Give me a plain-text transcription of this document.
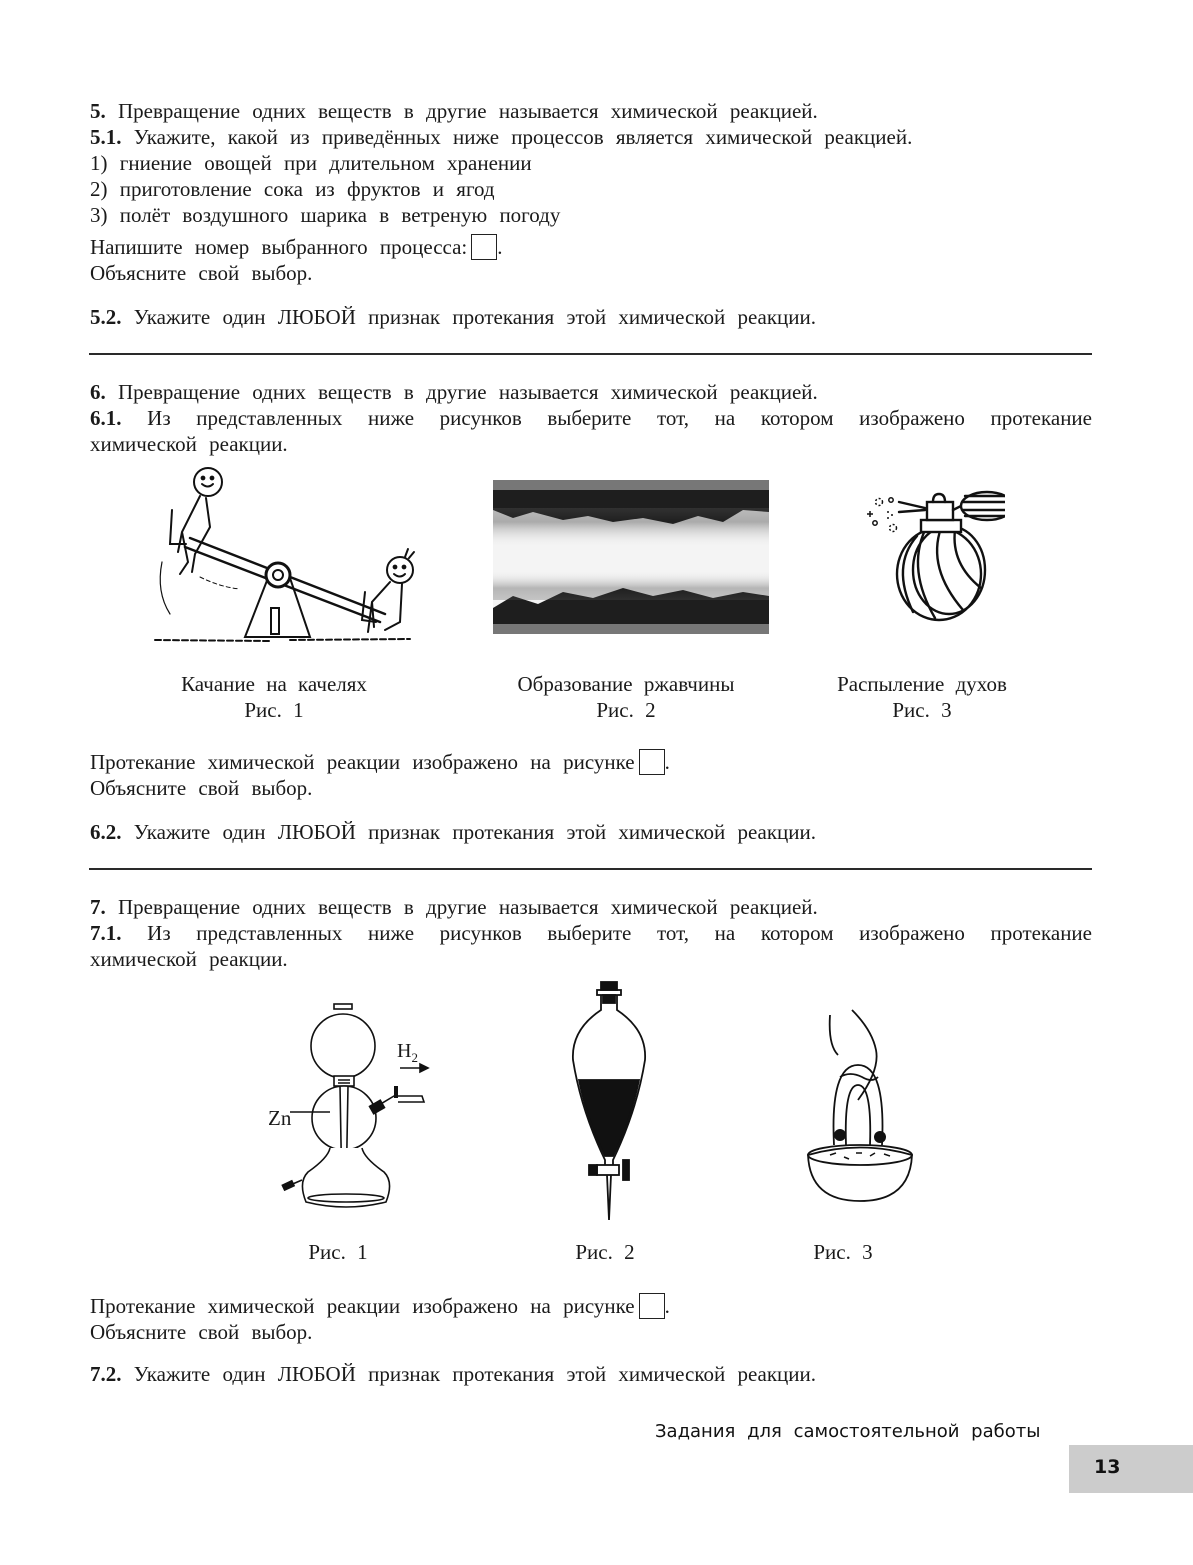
5. Превращение одних веществ в другие называется химической реакцией.
5.1. Укажите, какой из приведённых ниже процессов является химической реакцией.
1) гниение овощей при длительном хранении
2) приготовление сока из фруктов и ягод
3) полёт воздушного шарика в ветреную погоду
Напишите номер выбранного процесса: .
Объясните свой выбор.
5.2. Укажите один ЛЮБОЙ признак протекания этой химической реакции.
6. Превращение одних веществ в другие называется химической реакцией.
6.1. Из представленных ниже рисунков выберите тот, на котором изображено протекание
химической реакции.
Качание на качелях
Рис. 1
Образование ржавчины
Рис. 2
Распыление духов
Рис. 3
Протекание химической реакции изображено на рисунке .
Объясните свой выбор.
6.2. Укажите один ЛЮБОЙ признак протекания этой химической реакции.
7. Превращение одних веществ в другие называется химической реакцией.
7.1. Из представленных ниже рисунков выберите тот, на котором изображено протекание
химической реакции.
Zn
$H_2$
Рис. 1	Рис. 2	Рис. 3
Протекание химической реакции изображено на рисунке .
Объясните свой выбор.
7.2. Укажите один ЛЮБОЙ признак протекания этой химической реакции.
Задания для самостоятельной работы
13
